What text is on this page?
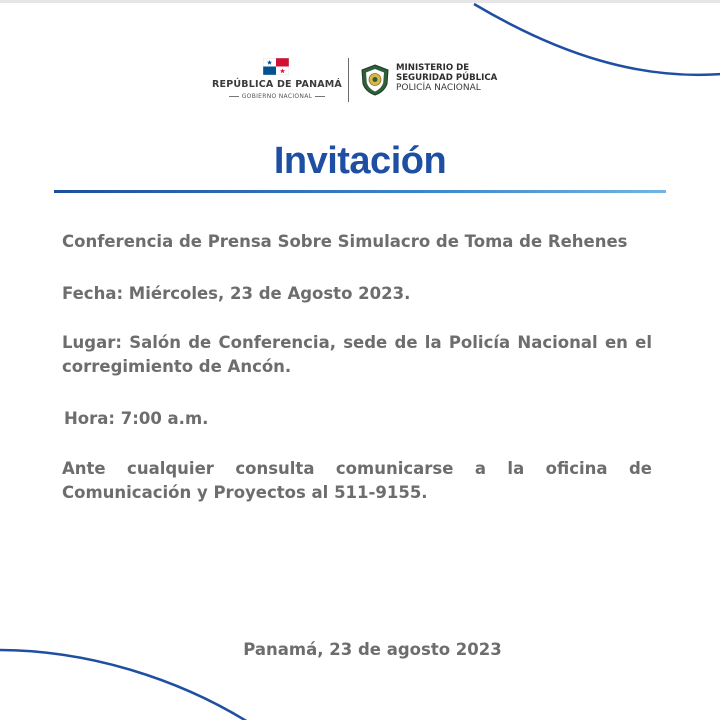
REPÚBLICA DE PANAMÁ
GOBIERNO NACIONAL
MINISTERIO DE
SEGURIDAD PÚBLICA
POLICÍA NACIONAL
Invitación
Conferencia de Prensa Sobre Simulacro de Toma de Rehenes
Fecha: Miércoles, 23 de Agosto 2023.
Lugar: Salón de Conferencia, sede de la Policía Nacional en el corregimiento de Ancón.
Hora: 7:00 a.m.
Ante cualquier consulta comunicarse a la oficina de Comunicación y Proyectos al 511-9155.
Panamá, 23 de agosto 2023
